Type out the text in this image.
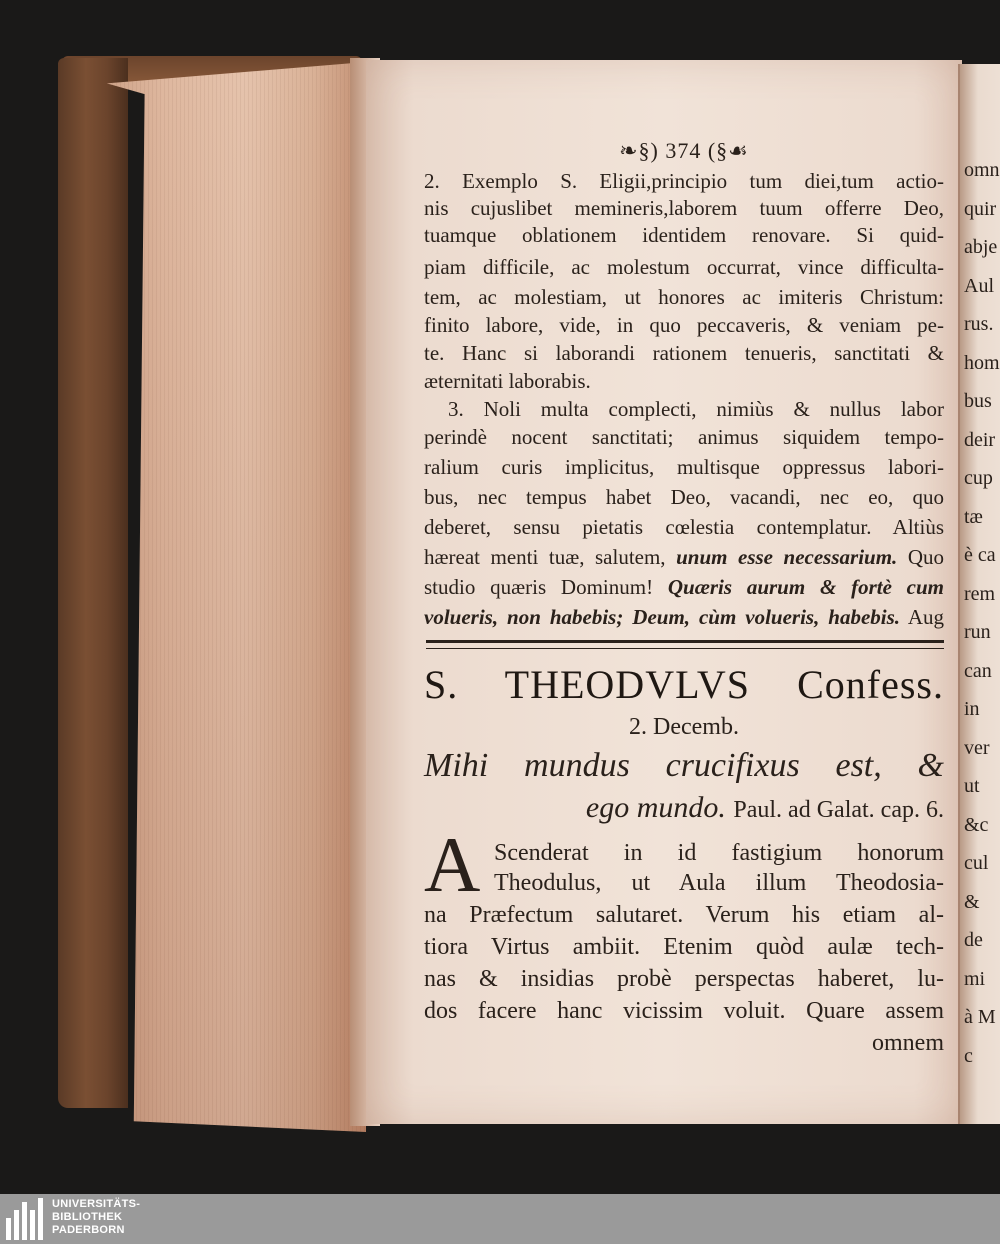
omn
quir
abje
Aul
rus.
hom
bus
deir
cup
tæ
è ca
rem
run
can
in
ver
ut
&c
cul
&
de
mi
à M
c
❧§) 374 (§☙
2. Exemplo S. Eligii,principio tum diei,tum actio-
nis cujuslibet memineris,laborem tuum offerre Deo,
tuamque oblationem identidem renovare. Si quid-
piam difficile, ac molestum occurrat, vince difficulta-
tem, ac molestiam, ut honores ac imiteris Christum:
finito labore, vide, in quo peccaveris, & veniam pe-
te. Hanc si laborandi rationem tenueris, sanctitati &
æternitati laborabis.
3. Noli multa complecti, nimiùs & nullus labor
perindè nocent sanctitati; animus siquidem tempo-
ralium curis implicitus, multisque oppressus labori-
bus, nec tempus habet Deo, vacandi, nec eo, quo
deberet, sensu pietatis cœlestia contemplatur. Altiùs
hæreat menti tuæ, salutem, unum esse necessarium. Quo
studio quæris Dominum! Quæris aurum & fortè cum
volueris, non habebis; Deum, cùm volueris, habebis. Aug
S. THEODVLVS Confess.
2. Decemb.
Mihi mundus crucifixus est, &
ego mundo. Paul. ad Galat. cap. 6.
A Scenderat in id fastigium honorum
Theodulus, ut Aula illum Theodosia-
na Præfectum salutaret. Verum his etiam al-
tiora Virtus ambiit. Etenim quòd aulæ tech-
nas & insidias probè perspectas haberet, lu-
dos facere hanc vicissim voluit. Quare assem
omnem
UNIVERSITÄTS-
BIBLIOTHEK
PADERBORN
